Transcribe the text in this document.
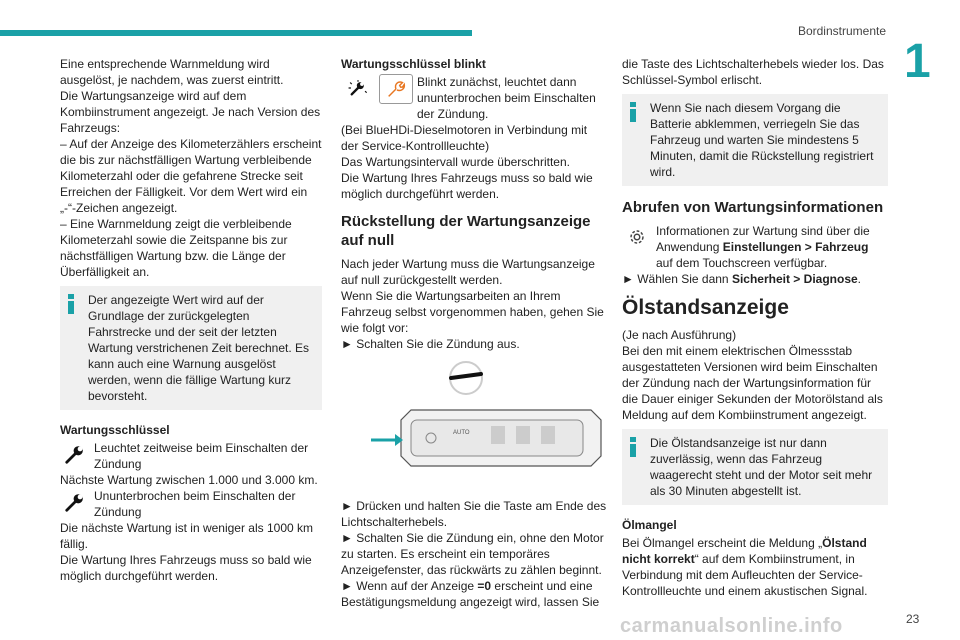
Bordinstrumente
1

Eine entsprechende Warnmeldung wird ausgelöst, je nachdem, was zuerst eintritt.

Die Wartungsanzeige wird auf dem Kombiinstrument angezeigt. Je nach Version des Fahrzeugs:

– Auf der Anzeige des Kilometerzählers erscheint die bis zur nächstfälligen Wartung verbleibende Kilometerzahl oder die gefahrene Strecke seit Erreichen der Fälligkeit. Vor dem Wert wird ein „-“-Zeichen angezeigt.

– Eine Warnmeldung zeigt die verbleibende Kilometerzahl sowie die Zeitspanne bis zur nächstfälligen Wartung bzw. die Länge der Überfälligkeit an.

Der angezeigte Wert wird auf der Grundlage der zurückgelegten Fahrstrecke und der seit der letzten Wartung verstrichenen Zeit berechnet. Es kann auch eine Warnung ausgelöst werden, wenn die fällige Wartung kurz bevorsteht.
Wartungsschlüssel

Leuchtet zeitweise beim Einschalten der Zündung

Nächste Wartung zwischen 1.000 und 3.000 km.

Ununterbrochen beim Einschalten der Zündung

Die nächste Wartung ist in weniger als 1000 km fällig.

Die Wartung Ihres Fahrzeugs muss so bald wie möglich durchgeführt werden.

Wartungsschlüssel blinkt

Blinkt zunächst, leuchtet dann ununterbrochen beim Einschalten der Zündung.

(Bei BlueHDi-Dieselmotoren in Verbindung mit der Service-Kontrollleuchte)

Das Wartungsintervall wurde überschritten.

Die Wartung Ihres Fahrzeugs muss so bald wie möglich durchgeführt werden.

Rückstellung der Wartungsanzeige auf null

Nach jeder Wartung muss die Wartungsanzeige auf null zurückgestellt werden.

Wenn Sie die Wartungsarbeiten an Ihrem Fahrzeug selbst vorgenommen haben, gehen Sie wie folgt vor:

► Schalten Sie die Zündung aus.

AUTO

► Drücken und halten Sie die Taste am Ende des Lichtschalterhebels.

► Schalten Sie die Zündung ein, ohne den Motor zu starten. Es erscheint ein temporäres Anzeigefenster, das rückwärts zu zählen beginnt.

► Wenn auf der Anzeige =0 erscheint und eine Bestätigungsmeldung angezeigt wird, lassen Sie

die Taste des Lichtschalterhebels wieder los. Das Schlüssel-Symbol erlischt.

Wenn Sie nach diesem Vorgang die Batterie abklemmen, verriegeln Sie das Fahrzeug und warten Sie mindestens 5 Minuten, damit die Rückstellung registriert wird.
Abrufen von Wartungsinformationen

Informationen zur Wartung sind über die Anwendung Einstellungen > Fahrzeug auf dem Touchscreen verfügbar.

► Wählen Sie dann Sicherheit > Diagnose.

Ölstandsanzeige

(Je nach Ausführung)

Bei den mit einem elektrischen Ölmessstab ausgestatteten Versionen wird beim Einschalten der Zündung nach der Wartungsinformation für die Dauer einiger Sekunden der Motorölstand als Meldung auf dem Kombiinstrument angezeigt.

Die Ölstandsanzeige ist nur dann zuverlässig, wenn das Fahrzeug waagerecht steht und der Motor seit mehr als 30 Minuten abgestellt ist.
Ölmangel

Bei Ölmangel erscheint die Meldung „Ölstand nicht korrekt“ auf dem Kombiinstrument, in Verbindung mit dem Aufleuchten der Service-Kontrollleuchte und einem akustischen Signal.

carmanualsonline.info	23
